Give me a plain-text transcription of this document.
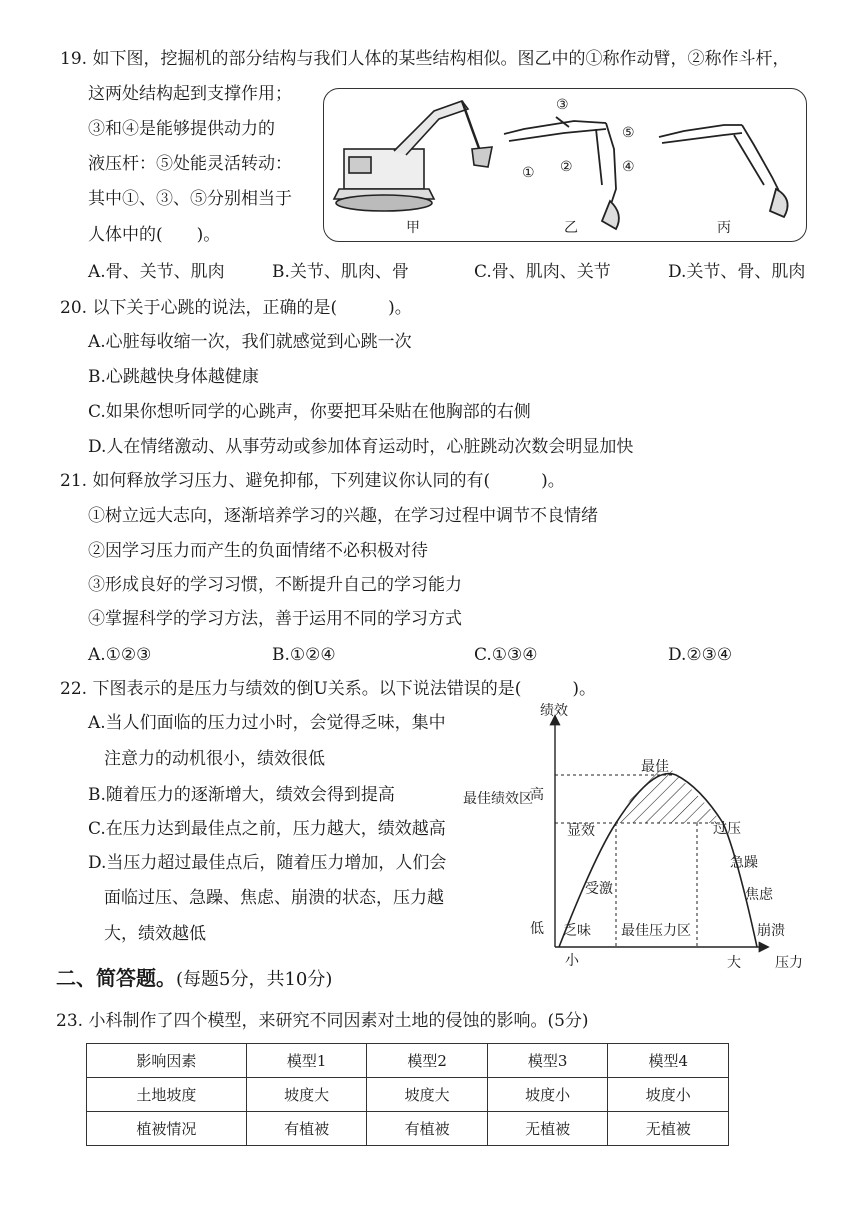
19. 如下图，挖掘机的部分结构与我们人体的某些结构相似。图乙中的①称作动臂，②称作斗杆，
这两处结构起到支撑作用；
③和④是能够提供动力的
液压杆：⑤处能灵活转动：
其中①、③、⑤分别相当于
人体中的(　　)。
③
⑤
④
① ②
甲	乙	丙
A.骨、关节、肌肉	B.关节、肌肉、骨	C.骨、肌肉、关节	D.关节、骨、肌肉
20. 以下关于心跳的说法，正确的是(　　　)。
A.心脏每收缩一次，我们就感觉到心跳一次
B.心跳越快身体越健康
C.如果你想听同学的心跳声，你要把耳朵贴在他胸部的右侧
D.人在情绪激动、从事劳动或参加体育运动时，心脏跳动次数会明显加快
21. 如何释放学习压力、避免抑郁，下列建议你认同的有(　　　)。
①树立远大志向，逐渐培养学习的兴趣，在学习过程中调节不良情绪
②因学习压力而产生的负面情绪不必积极对待
③形成良好的学习习惯，不断提升自己的学习能力
④掌握科学的学习方法，善于运用不同的学习方式
A.①②③	B.①②④	C.①③④	D.②③④
22. 下图表示的是压力与绩效的倒U关系。以下说法错误的是(　　　)。
A.当人们面临的压力过小时，会觉得乏味，集中
注意力的动机很小，绩效很低
B.随着压力的逐渐增大，绩效会得到提高
C.在压力达到最佳点之前，压力越大，绩效越高
D.当压力超过最佳点后，随着压力增加，人们会
面临过压、急躁、焦虑、崩溃的状态，压力越
大，绩效越低
绩效
压力
高
低
小	大
最佳
最佳绩效区
最佳压力区
乏味
受激
显效	过压
急躁
焦虑
崩溃
二、简答题。(每题5分，共10分)
23. 小科制作了四个模型，来研究不同因素对土地的侵蚀的影响。(5分)
影响因素	模型1	模型2	模型3	模型4
土地坡度	坡度大	坡度大	坡度小	坡度小
植被情况	有植被	有植被	无植被	无植被
